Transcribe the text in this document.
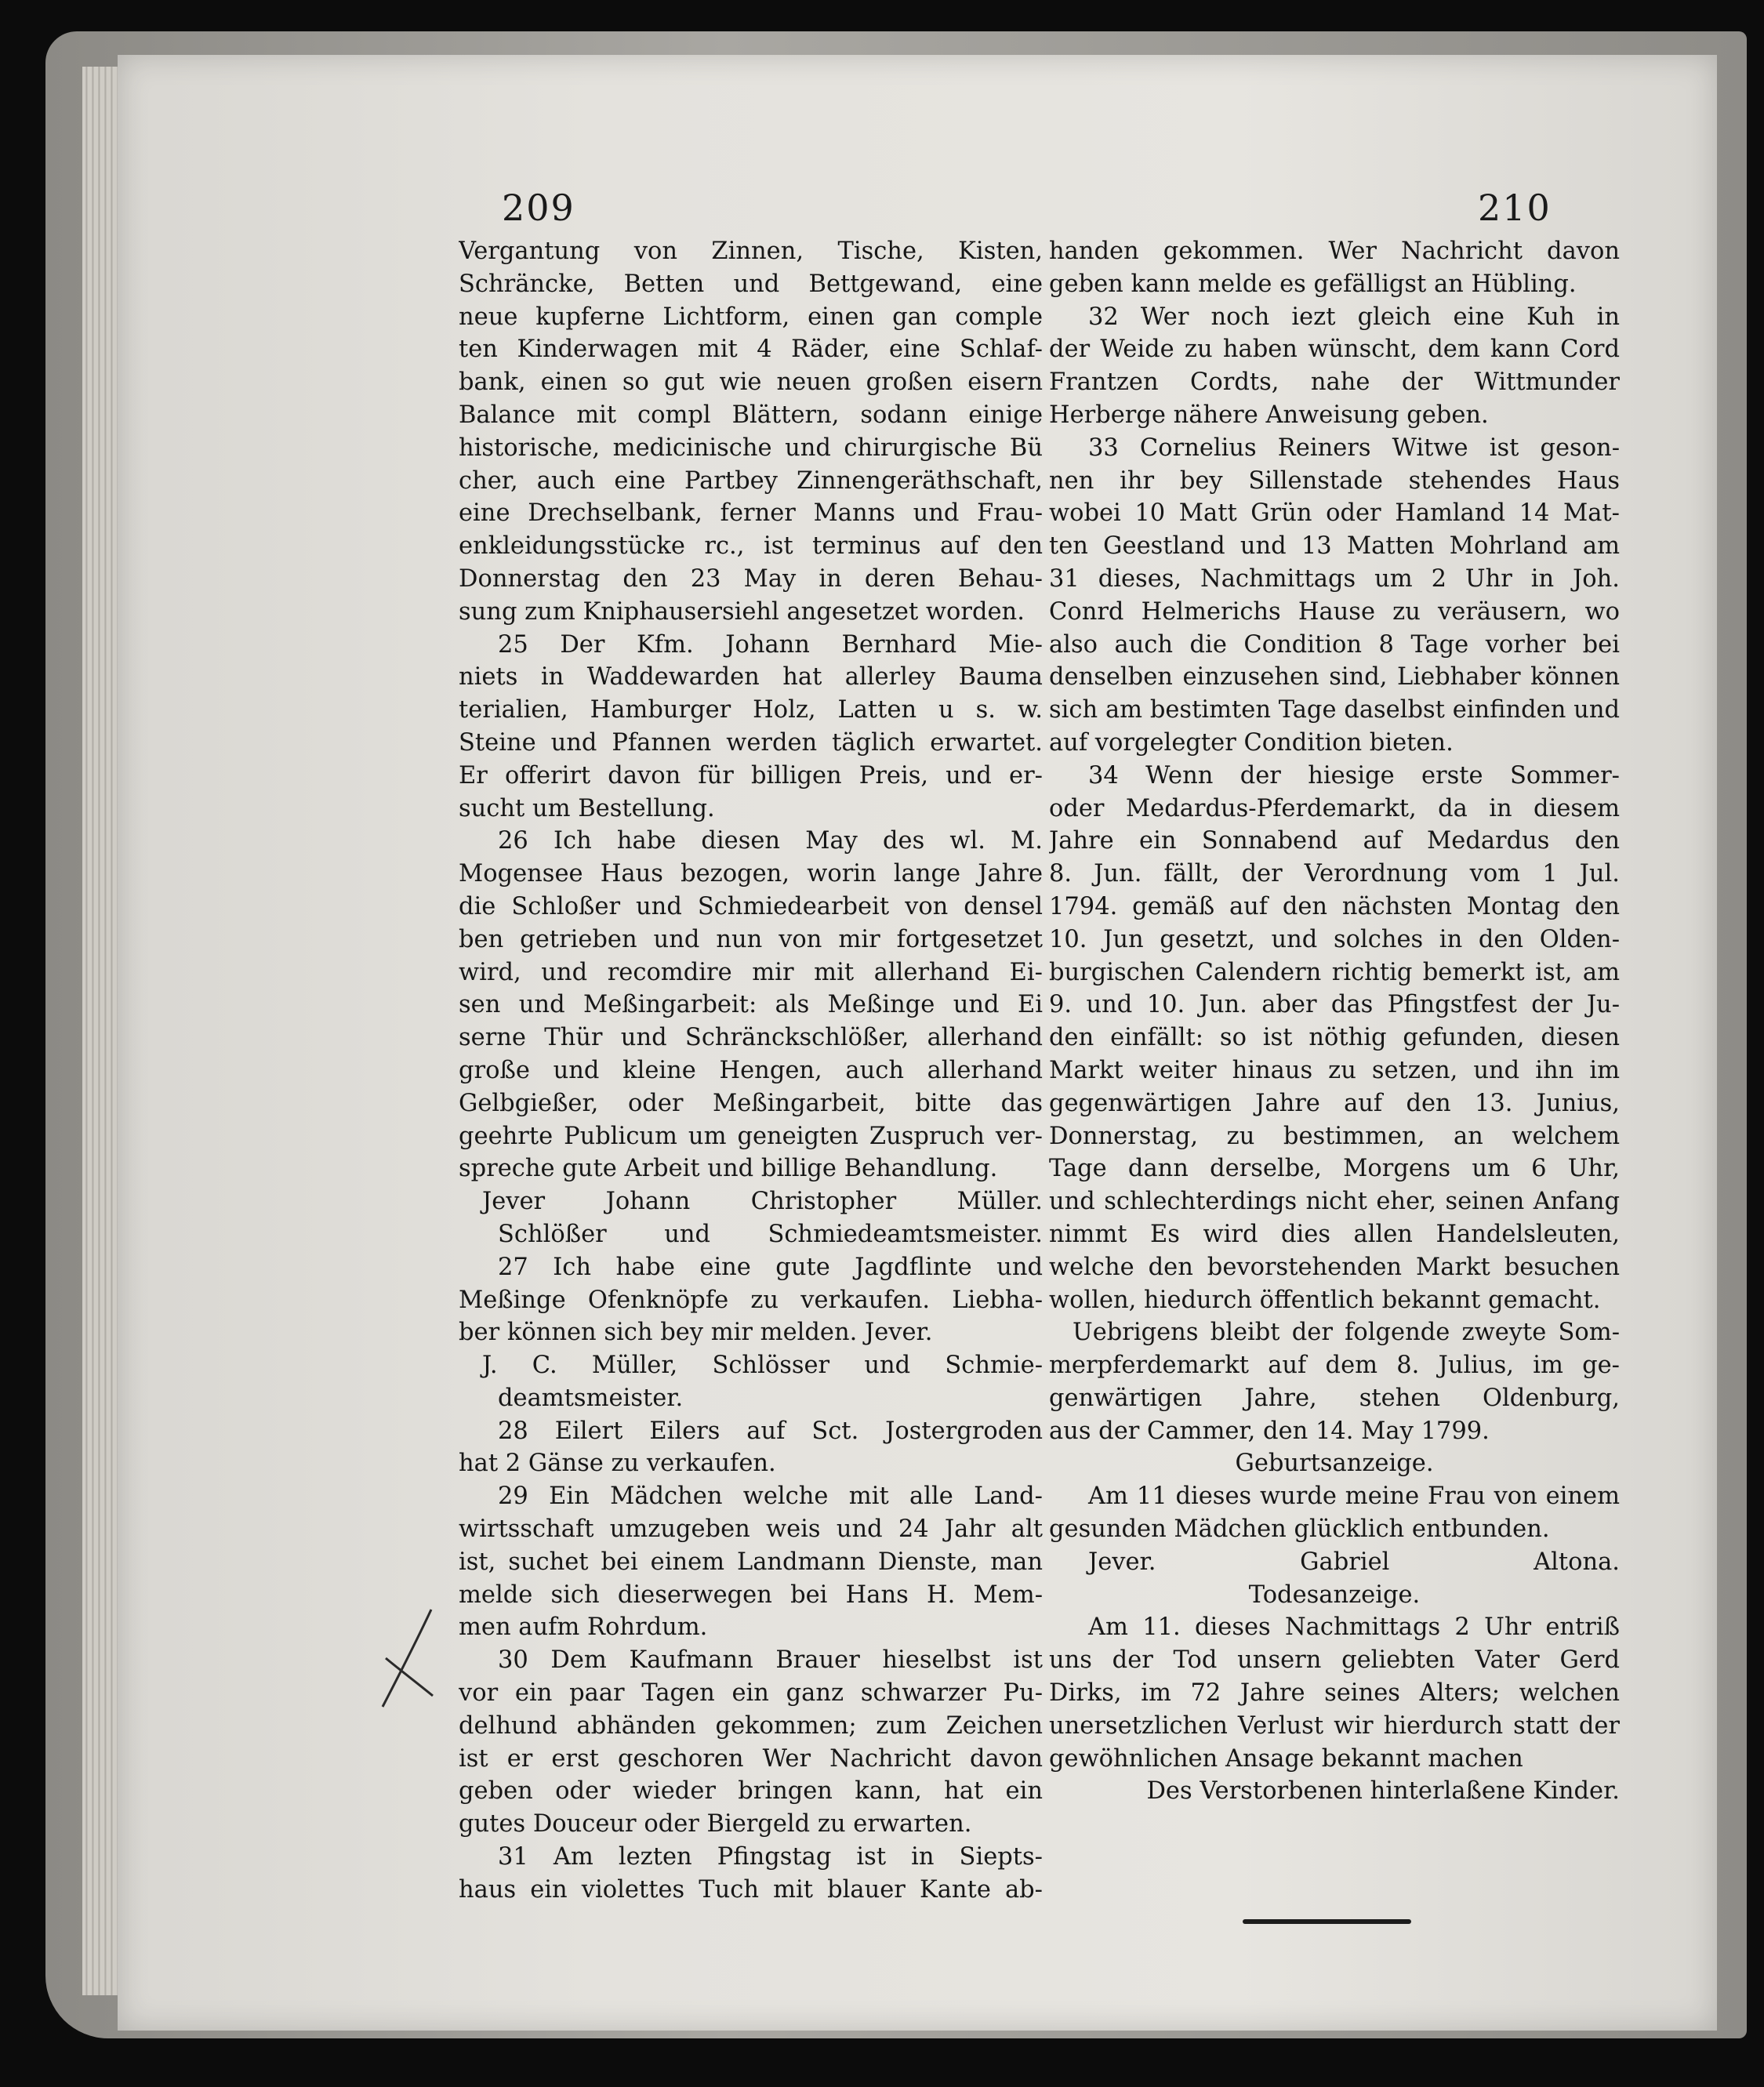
209	210
Vergantung von Zinnen, Tische, Kisten,
Schräncke, Betten und Bettgewand, eine
neue kupferne Lichtform, einen gan comple
ten Kinderwagen mit 4 Räder, eine Schlaf-
bank, einen so gut wie neuen großen eisern
Balance mit compl Blättern, sodann einige
historische, medicinische und chirurgische Bü
cher, auch eine Partbey Zinnengeräthschaft,
eine Drechselbank, ferner Manns und Frau-
enkleidungsstücke rc., ist terminus auf den
Donnerstag den 23 May in deren Behau-
sung zum Kniphausersiehl angesetzet worden.
25 Der Kfm. Johann Bernhard Mie-
niets in Waddewarden hat allerley Bauma
terialien, Hamburger Holz, Latten u s. w.
Steine und Pfannen werden täglich erwartet.
Er offerirt davon für billigen Preis, und er-
sucht um Bestellung.
26 Ich habe diesen May des wl. M.
Mogensee Haus bezogen, worin lange Jahre
die Schloßer und Schmiedearbeit von densel
ben getrieben und nun von mir fortgesetzet
wird, und recomdire mir mit allerhand Ei-
sen und Meßingarbeit: als Meßinge und Ei
serne Thür und Schränckschlößer, allerhand
große und kleine Hengen, auch allerhand
Gelbgießer, oder Meßingarbeit, bitte das
geehrte Publicum um geneigten Zuspruch ver-
spreche gute Arbeit und billige Behandlung.
Jever Johann Christopher Müller.
Schlößer und Schmiedeamtsmeister.
27 Ich habe eine gute Jagdflinte und
Meßinge Ofenknöpfe zu verkaufen. Liebha-
ber können sich bey mir melden. Jever.
J. C. Müller, Schlösser und Schmie-
deamtsmeister.
28 Eilert Eilers auf Sct. Jostergroden
hat 2 Gänse zu verkaufen.
29 Ein Mädchen welche mit alle Land-
wirtsschaft umzugeben weis und 24 Jahr alt
ist, suchet bei einem Landmann Dienste, man
melde sich dieserwegen bei Hans H. Mem-
men aufm Rohrdum.
30 Dem Kaufmann Brauer hieselbst ist
vor ein paar Tagen ein ganz schwarzer Pu-
delhund abhänden gekommen; zum Zeichen
ist er erst geschoren Wer Nachricht davon
geben oder wieder bringen kann, hat ein
gutes Douceur oder Biergeld zu erwarten.
31 Am lezten Pfingstag ist in Siepts-
haus ein violettes Tuch mit blauer Kante ab-
handen gekommen. Wer Nachricht davon
geben kann melde es gefälligst an Hübling.
32 Wer noch iezt gleich eine Kuh in
der Weide zu haben wünscht, dem kann Cord
Frantzen Cordts, nahe der Wittmunder
Herberge nähere Anweisung geben.
33 Cornelius Reiners Witwe ist geson-
nen ihr bey Sillenstade stehendes Haus
wobei 10 Matt Grün oder Hamland 14 Mat-
ten Geestland und 13 Matten Mohrland am
31 dieses, Nachmittags um 2 Uhr in Joh.
Conrd Helmerichs Hause zu veräusern, wo
also auch die Condition 8 Tage vorher bei
denselben einzusehen sind, Liebhaber können
sich am bestimten Tage daselbst einfinden und
auf vorgelegter Condition bieten.
34 Wenn der hiesige erste Sommer-
oder Medardus-Pferdemarkt, da in diesem
Jahre ein Sonnabend auf Medardus den
8. Jun. fällt, der Verordnung vom 1 Jul.
1794. gemäß auf den nächsten Montag den
10. Jun gesetzt, und solches in den Olden-
burgischen Calendern richtig bemerkt ist, am
9. und 10. Jun. aber das Pfingstfest der Ju-
den einfällt: so ist nöthig gefunden, diesen
Markt weiter hinaus zu setzen, und ihn im
gegenwärtigen Jahre auf den 13. Junius,
Donnerstag, zu bestimmen, an welchem
Tage dann derselbe, Morgens um 6 Uhr,
und schlechterdings nicht eher, seinen Anfang
nimmt Es wird dies allen Handelsleuten,
welche den bevorstehenden Markt besuchen
wollen, hiedurch öffentlich bekannt gemacht.
Uebrigens bleibt der folgende zweyte Som-
merpferdemarkt auf dem 8. Julius, im ge-
genwärtigen Jahre, stehen Oldenburg,
aus der Cammer, den 14. May 1799.
Geburtsanzeige.
Am 11 dieses wurde meine Frau von einem
gesunden Mädchen glücklich entbunden.
Jever. Gabriel Altona.
Todesanzeige.
Am 11. dieses Nachmittags 2 Uhr entriß
uns der Tod unsern geliebten Vater Gerd
Dirks, im 72 Jahre seines Alters; welchen
unersetzlichen Verlust wir hierdurch statt der
gewöhnlichen Ansage bekannt machen
Des Verstorbenen hinterlaßene Kinder.
